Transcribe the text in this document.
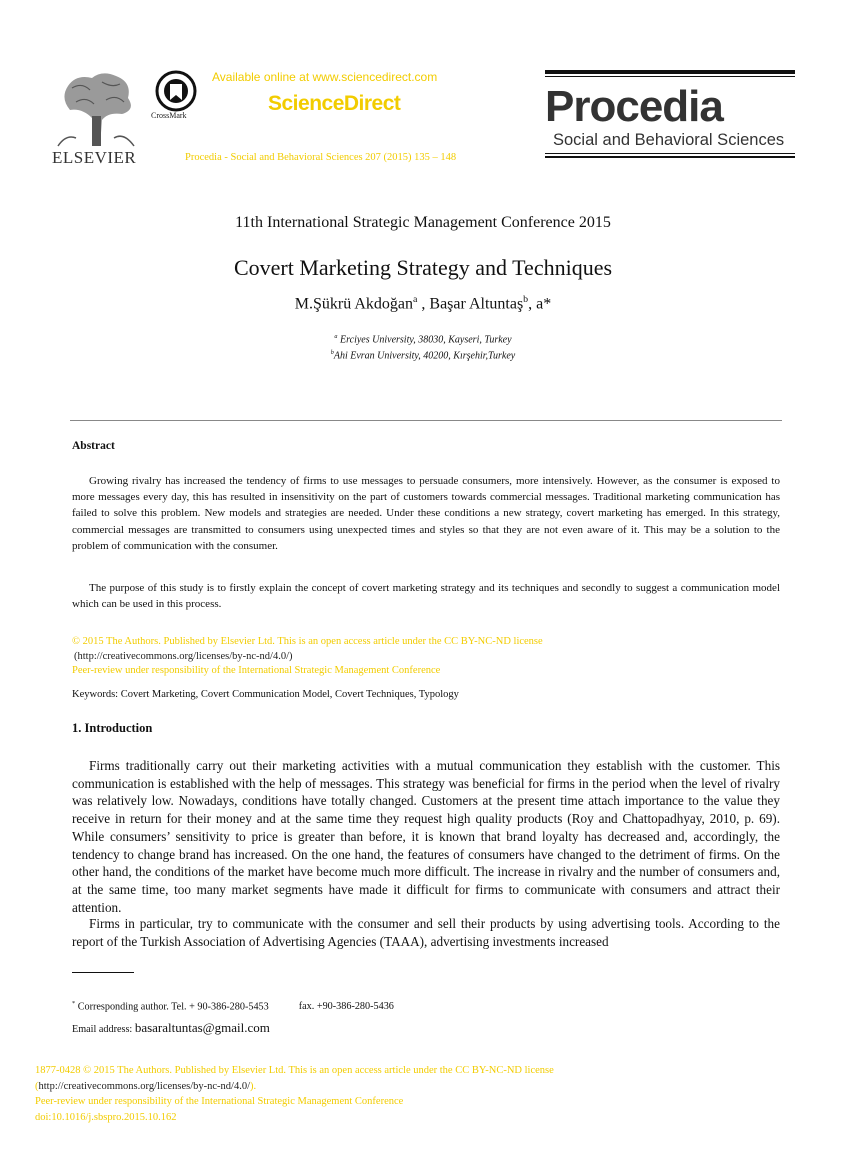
ELSEVIER
CrossMark
Available online at www.sciencedirect.com
ScienceDirect
Procedia - Social and Behavioral Sciences 207 (2015) 135 – 148
Procedia
Social and Behavioral Sciences
11th International Strategic Management Conference 2015
Covert Marketing Strategy and Techniques
M.Şükrü Akdoğan$^a$ , Başar Altuntaş$^b$, a*
$^a$ Erciyes University, 38030, Kayseri, Turkey
$^b$Ahi Evran University, 40200, Kırşehir,Turkey
Abstract
Growing rivalry has increased the tendency of firms to use messages to persuade consumers, more intensively. However, as the consumer is exposed to more messages every day, this has resulted in insensitivity on the part of customers towards commercial messages. Traditional marketing communication has failed to solve this problem. New models and strategies are needed. Under these conditions a new strategy, covert marketing has emerged. In this strategy, commercial messages are transmitted to consumers using unexpected times and styles so that they are not even aware of it. This may be a solution to the problem of communication with the consumer.
The purpose of this study is to firstly explain the concept of covert marketing strategy and its techniques and secondly to suggest a communication model which can be used in this process.
© 2015 The Authors. Published by Elsevier Ltd. This is an open access article under the CC BY-NC-ND license
(http://creativecommons.org/licenses/by-nc-nd/4.0/)
Peer-review under responsibility of the International Strategic Management Conference
Keywords: Covert Marketing, Covert Communication Model, Covert Techniques, Typology
1. Introduction
Firms traditionally carry out their marketing activities with a mutual communication they establish with the customer. This communication is established with the help of messages. This strategy was beneficial for firms in the period when the level of rivalry was relatively low. Nowadays, conditions have totally changed. Customers at the present time attach importance to the value they receive in return for their money and at the same time they request high quality products (Roy and Chattopadhyay, 2010, p. 69). While consumers’ sensitivity to price is greater than before, it is known that brand loyalty has decreased and, accordingly, the tendency to change brand has increased. On the one hand, the features of consumers have changed to the detriment of firms. On the other hand, the conditions of the market have become much more difficult. The increase in rivalry and the number of consumers and, at the same time, too many market segments have made it difficult for firms to communicate with consumers and attract their attention.
Firms in particular, try to communicate with the consumer and sell their products by using advertising tools. According to the report of the Turkish Association of Advertising Agencies (TAAA), advertising investments increased
* Corresponding author. Tel. + 90-386-280-5453	fax. +90-386-280-5436
Email address: basaraltuntas@gmail.com
1877-0428 © 2015 The Authors. Published by Elsevier Ltd. This is an open access article under the CC BY-NC-ND license
(http://creativecommons.org/licenses/by-nc-nd/4.0/).
Peer-review under responsibility of the International Strategic Management Conference
doi:10.1016/j.sbspro.2015.10.162
